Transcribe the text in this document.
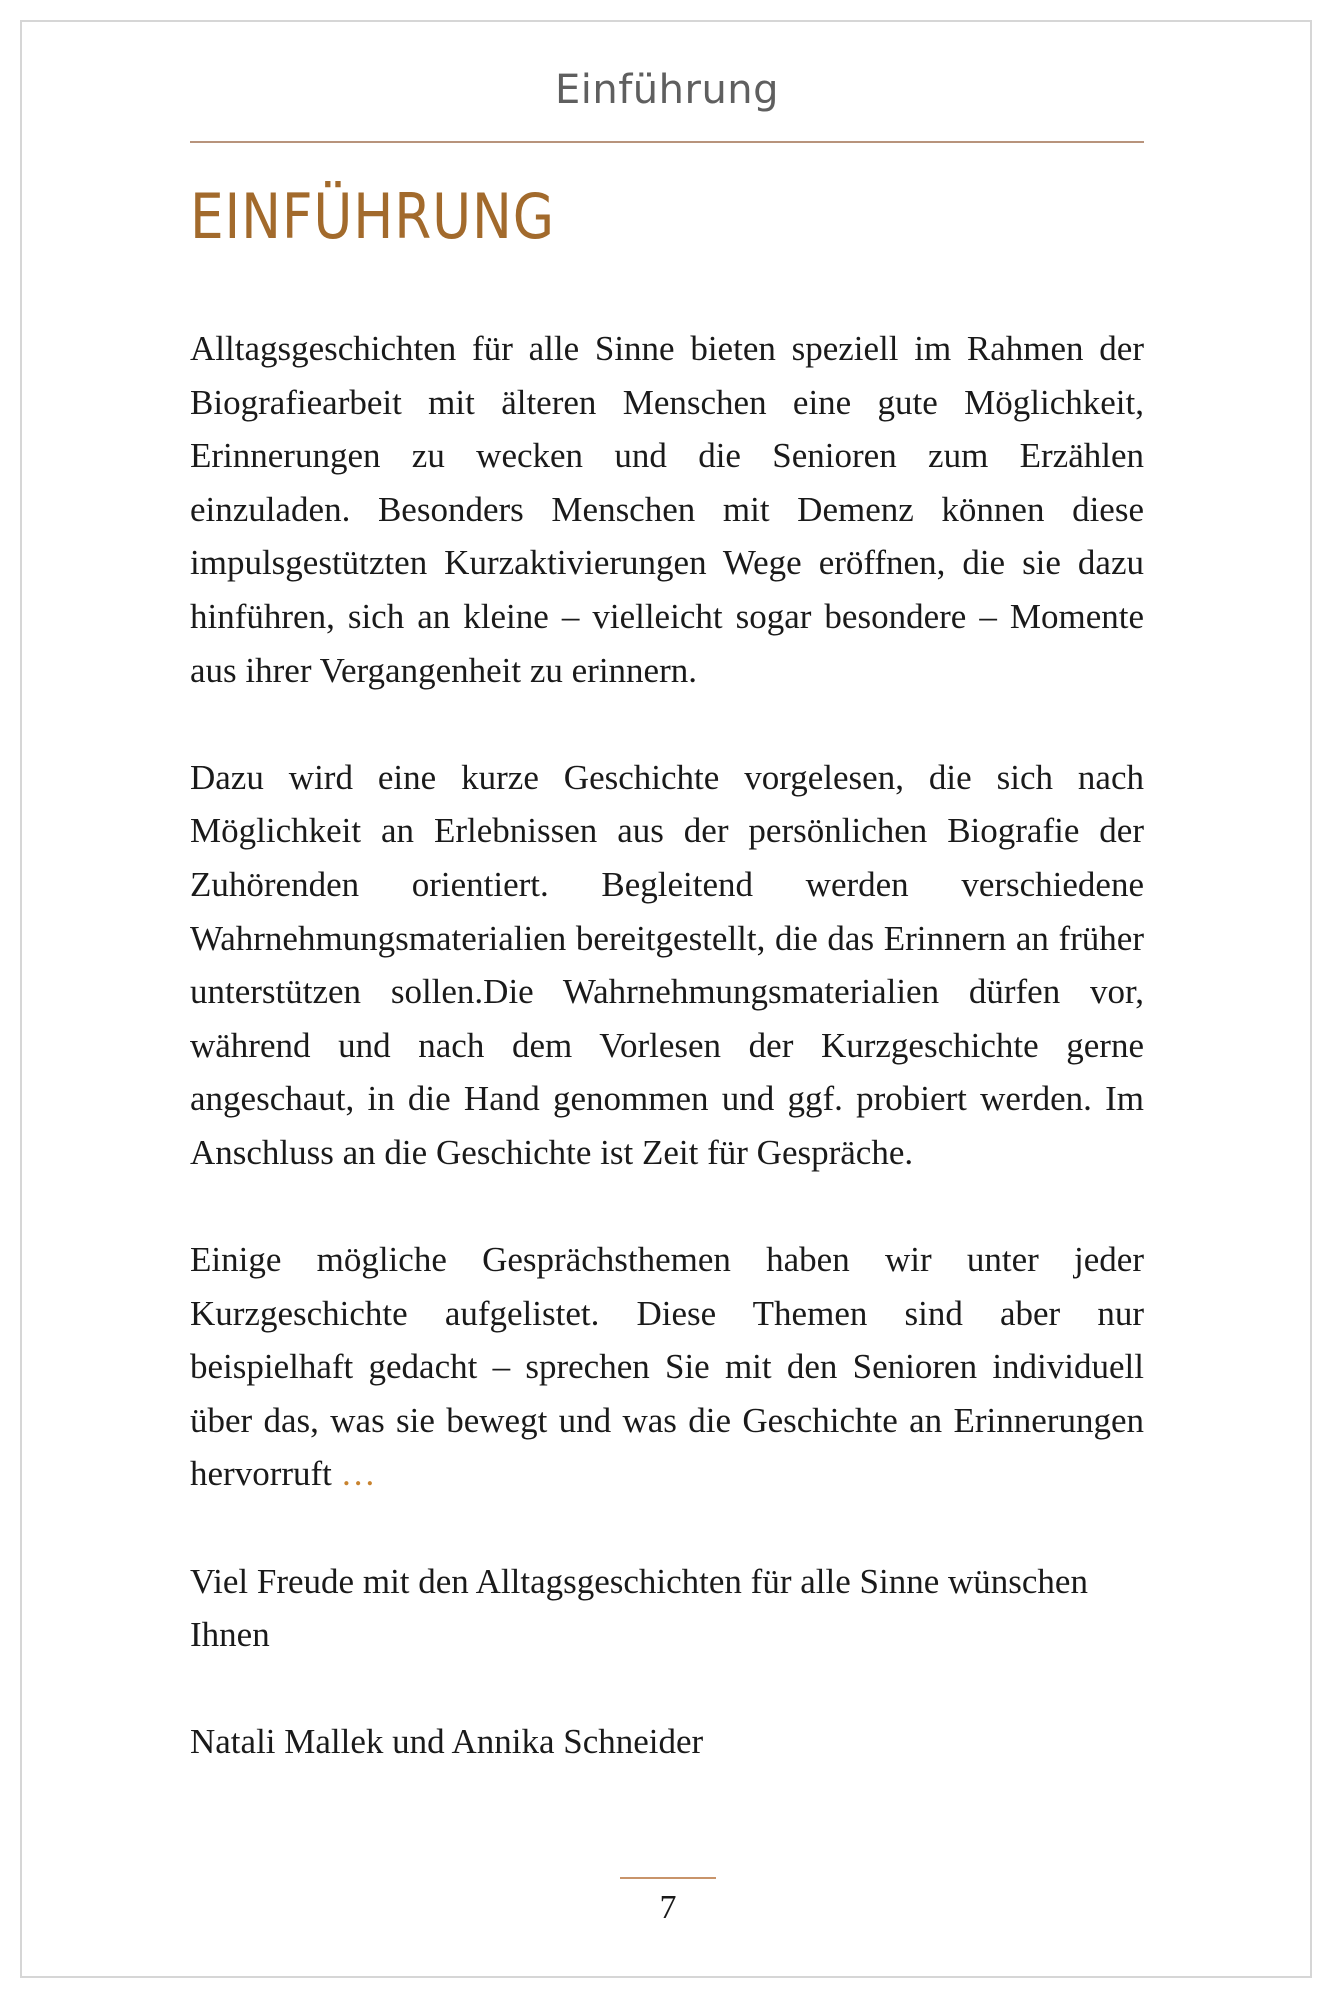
Einführung
EINFÜHRUNG

Alltagsgeschichten für alle Sinne bieten speziell im Rahmen der Biografiearbeit mit älteren Menschen eine gute Möglichkeit, Erinnerungen zu wecken und die Senioren zum Erzählen einzuladen. Besonders Menschen mit Demenz können diese impulsgestützten Kurzaktivierungen Wege eröffnen, die sie dazu hinführen, sich an kleine – vielleicht sogar besondere – Momente aus ihrer Vergangenheit zu erinnern.

Dazu wird eine kurze Geschichte vorgelesen, die sich nach Möglichkeit an Erlebnissen aus der persönlichen Biografie der Zuhörenden orientiert. Begleitend werden verschiedene Wahrnehmungsmaterialien bereitgestellt, die das Erinnern an früher unterstützen sollen.Die Wahrnehmungsmaterialien dürfen vor, während und nach dem Vorlesen der Kurzgeschichte gerne angeschaut, in die Hand genommen und ggf. probiert werden. Im Anschluss an die Geschichte ist Zeit für Gespräche.

Einige mögliche Gesprächsthemen haben wir unter jeder Kurzgeschichte aufgelistet. Diese Themen sind aber nur beispielhaft gedacht – sprechen Sie mit den Senioren individuell über das, was sie bewegt und was die Geschichte an Erinnerungen hervorruft …

Viel Freude mit den Alltagsgeschichten für alle Sinne wünschen Ihnen

Natali Mallek und Annika Schneider

7
